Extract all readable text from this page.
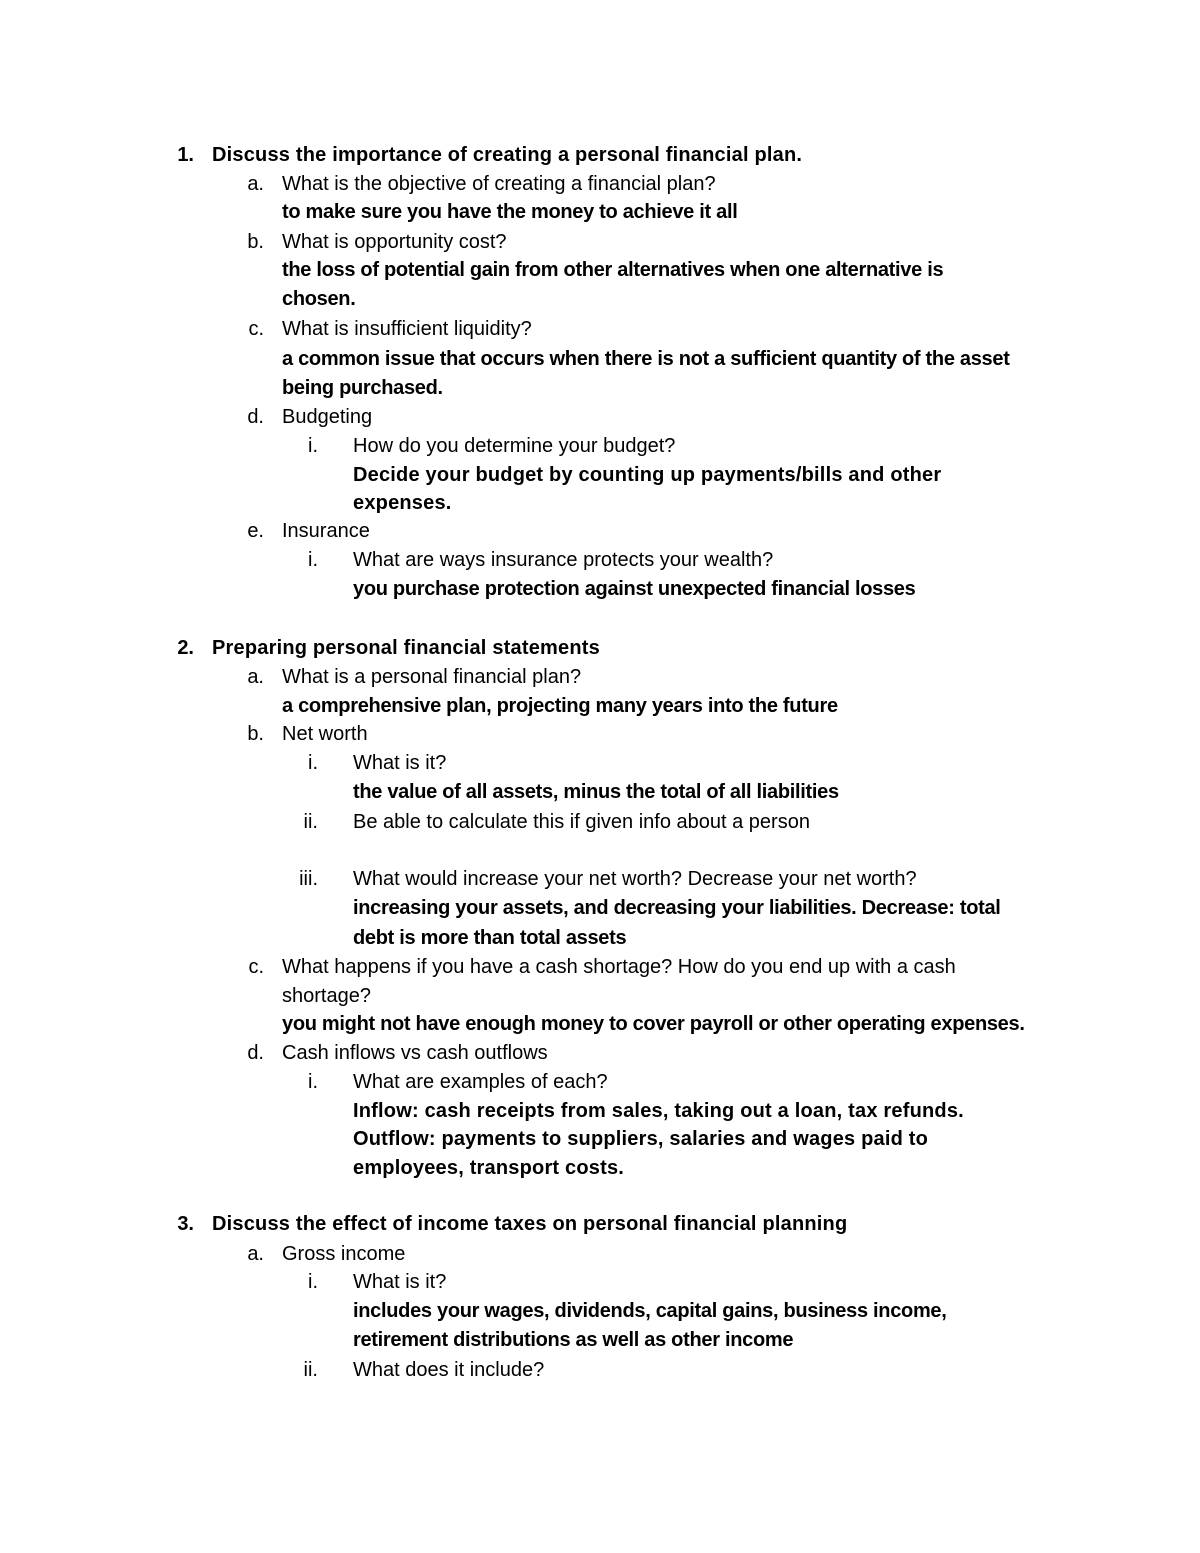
1. Discuss the importance of creating a personal financial plan.
a. What is the objective of creating a financial plan?
to make sure you have the money to achieve it all
b. What is opportunity cost?
the loss of potential gain from other alternatives when one alternative is
chosen.
c. What is insufficient liquidity?
a common issue that occurs when there is not a sufficient quantity of the asset
being purchased.
d. Budgeting
i. How do you determine your budget?
Decide your budget by counting up payments/bills and other
expenses.
e. Insurance
i. What are ways insurance protects your wealth?
you purchase protection against unexpected financial losses
2. Preparing personal financial statements
a. What is a personal financial plan?
a comprehensive plan, projecting many years into the future
b. Net worth
i. What is it?
the value of all assets, minus the total of all liabilities
ii. Be able to calculate this if given info about a person
iii. What would increase your net worth? Decrease your net worth?
increasing your assets, and decreasing your liabilities. Decrease: total
debt is more than total assets
c. What happens if you have a cash shortage? How do you end up with a cash
shortage?
you might not have enough money to cover payroll or other operating expenses.
d. Cash inflows vs cash outflows
i. What are examples of each?
Inflow: cash receipts from sales, taking out a loan, tax refunds.
Outflow: payments to suppliers, salaries and wages paid to
employees, transport costs.
3. Discuss the effect of income taxes on personal financial planning
a. Gross income
i. What is it?
includes your wages, dividends, capital gains, business income,
retirement distributions as well as other income
ii. What does it include?
